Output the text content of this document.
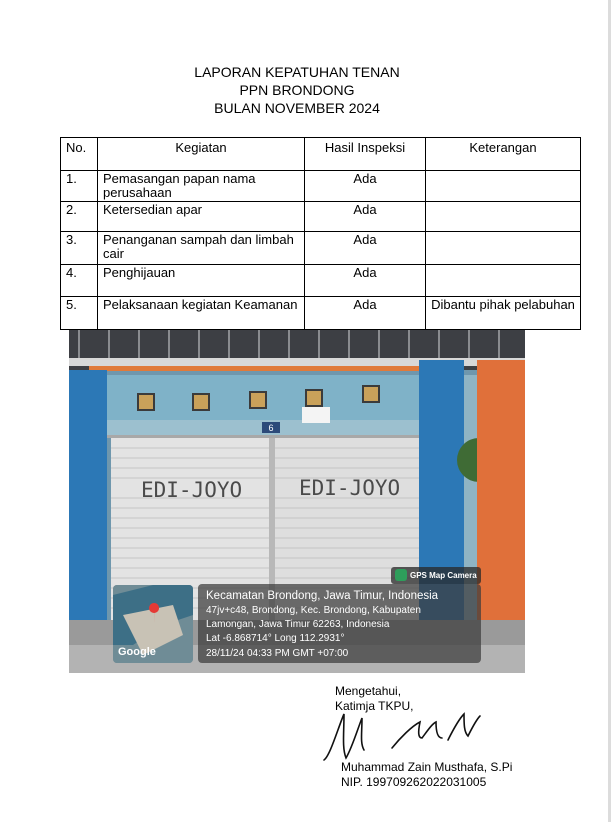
LAPORAN KEPATUHAN TENAN
PPN BRONDONG
BULAN NOVEMBER 2024
No.	Kegiatan	Hasil Inspeksi	Keterangan
1.	Pemasangan papan nama perusahaan	Ada	
2.	Ketersedian apar	Ada	
3.	Penanganan sampah dan limbah cair	Ada	
4.	Penghijauan	Ada	
5.	Pelaksanaan kegiatan Keamanan	Ada	Dibantu pihak pelabuhan
6
EDI-JOYO	EDI-JOYO
GPS Map Camera
Google
Kecamatan Brondong, Jawa Timur, Indonesia
47jv+c48, Brondong, Kec. Brondong, Kabupaten
Lamongan, Jawa Timur 62263, Indonesia
Lat -6.868714° Long 112.2931°
28/11/24 04:33 PM GMT +07:00
Mengetahui,
Katimja TKPU,
Muhammad Zain Musthafa, S.Pi
NIP. 199709262022031005
